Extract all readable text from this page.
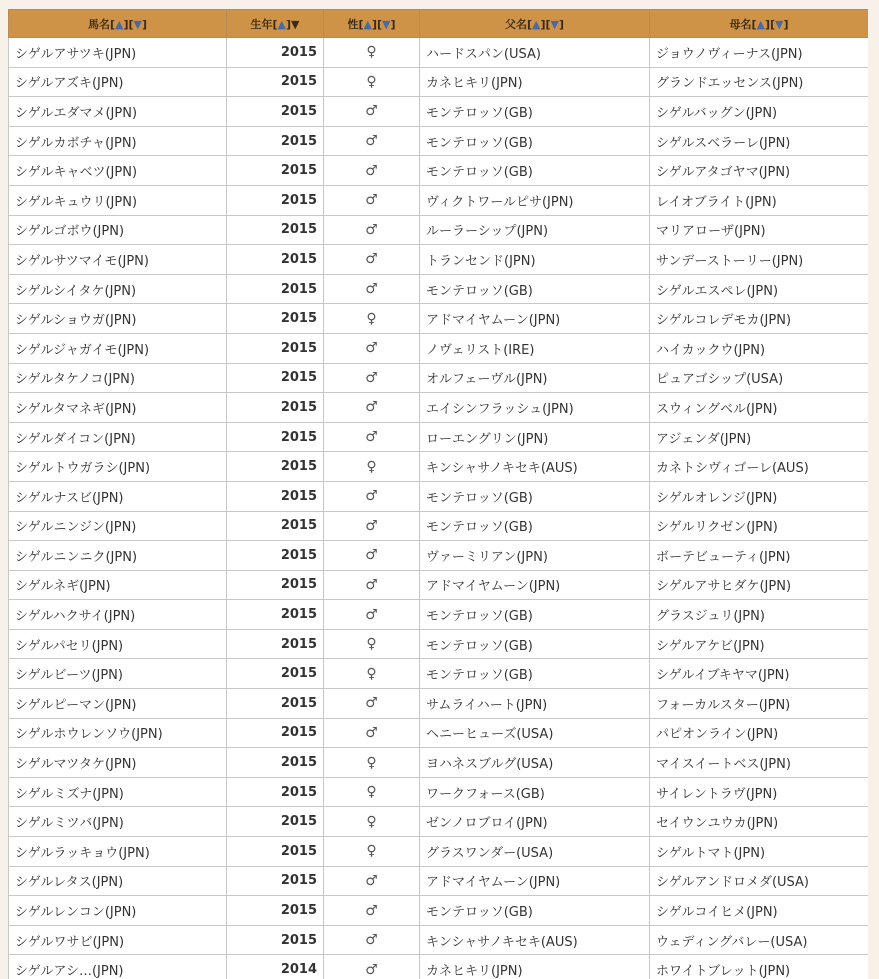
馬名[▲][▼]	生年[▲]▼	性[▲][▼]	父名[▲][▼]	母名[▲][▼]
シゲルアサツキ(JPN)	2015	♀	ハードスパン(USA)	ジョウノヴィーナス(JPN)
シゲルアズキ(JPN)	2015	♀	カネヒキリ(JPN)	グランドエッセンス(JPN)
シゲルエダマメ(JPN)	2015	♂	モンテロッソ(GB)	シゲルバッグン(JPN)
シゲルカボチャ(JPN)	2015	♂	モンテロッソ(GB)	シゲルスベラーレ(JPN)
シゲルキャベツ(JPN)	2015	♂	モンテロッソ(GB)	シゲルアタゴヤマ(JPN)
シゲルキュウリ(JPN)	2015	♂	ヴィクトワールピサ(JPN)	レイオブライト(JPN)
シゲルゴボウ(JPN)	2015	♂	ルーラーシップ(JPN)	マリアローザ(JPN)
シゲルサツマイモ(JPN)	2015	♂	トランセンド(JPN)	サンデーストーリー(JPN)
シゲルシイタケ(JPN)	2015	♂	モンテロッソ(GB)	シゲルエスペレ(JPN)
シゲルショウガ(JPN)	2015	♀	アドマイヤムーン(JPN)	シゲルコレデモカ(JPN)
シゲルジャガイモ(JPN)	2015	♂	ノヴェリスト(IRE)	ハイカックウ(JPN)
シゲルタケノコ(JPN)	2015	♂	オルフェーヴル(JPN)	ピュアゴシップ(USA)
シゲルタマネギ(JPN)	2015	♂	エイシンフラッシュ(JPN)	スウィングベル(JPN)
シゲルダイコン(JPN)	2015	♂	ローエングリン(JPN)	アジェンダ(JPN)
シゲルトウガラシ(JPN)	2015	♀	キンシャサノキセキ(AUS)	カネトシヴィゴーレ(AUS)
シゲルナスビ(JPN)	2015	♂	モンテロッソ(GB)	シゲルオレンジ(JPN)
シゲルニンジン(JPN)	2015	♂	モンテロッソ(GB)	シゲルリクゼン(JPN)
シゲルニンニク(JPN)	2015	♂	ヴァーミリアン(JPN)	ボーテビューティ(JPN)
シゲルネギ(JPN)	2015	♂	アドマイヤムーン(JPN)	シゲルアサヒダケ(JPN)
シゲルハクサイ(JPN)	2015	♂	モンテロッソ(GB)	グラスジュリ(JPN)
シゲルパセリ(JPN)	2015	♀	モンテロッソ(GB)	シゲルアケビ(JPN)
シゲルビーツ(JPN)	2015	♀	モンテロッソ(GB)	シゲルイブキヤマ(JPN)
シゲルピーマン(JPN)	2015	♂	サムライハート(JPN)	フォーカルスター(JPN)
シゲルホウレンソウ(JPN)	2015	♂	ヘニーヒューズ(USA)	パピオンライン(JPN)
シゲルマツタケ(JPN)	2015	♀	ヨハネスブルグ(USA)	マイスイートベス(JPN)
シゲルミズナ(JPN)	2015	♀	ワークフォース(GB)	サイレントラヴ(JPN)
シゲルミツバ(JPN)	2015	♀	ゼンノロブロイ(JPN)	セイウンユウカ(JPN)
シゲルラッキョウ(JPN)	2015	♀	グラスワンダー(USA)	シゲルトマト(JPN)
シゲルレタス(JPN)	2015	♂	アドマイヤムーン(JPN)	シゲルアンドロメダ(USA)
シゲルレンコン(JPN)	2015	♂	モンテロッソ(GB)	シゲルコイヒメ(JPN)
シゲルワサビ(JPN)	2015	♂	キンシャサノキセキ(AUS)	ウェディングバレー(USA)
シゲルアシ…(JPN)	2014	♂	カネヒキリ(JPN)	ホワイトブレット(JPN)
